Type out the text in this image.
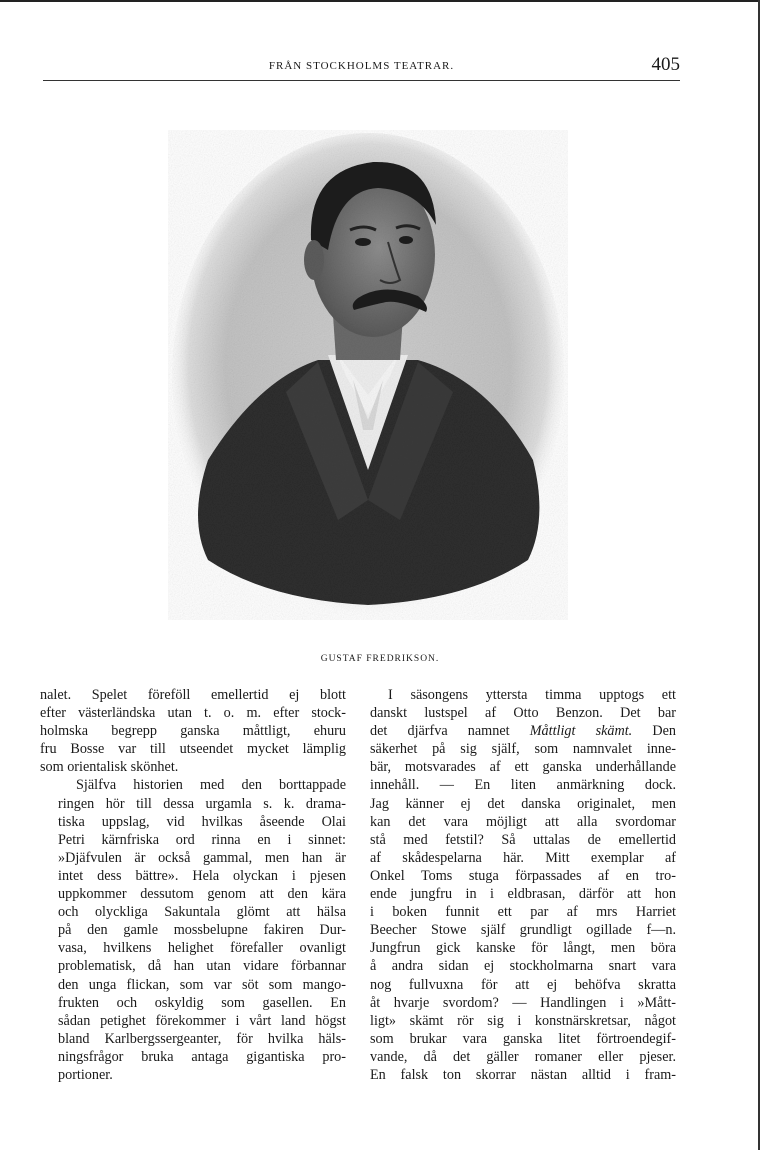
FRÅN STOCKHOLMS TEATRAR.	405
GUSTAF FREDRIKSON.

nalet. Spelet föreföll emellertid ej blott
efter västerländska utan t. o. m. efter stock-
holmska begrepp ganska måttligt, ehuru
fru Bosse var till utseendet mycket lämplig
som orientalisk skönhet.

Själfva historien med den borttappade
ringen hör till dessa urgamla s. k. drama-
tiska uppslag, vid hvilkas åseende Olai
Petri kärnfriska ord rinna en i sinnet:
»Djäfvulen är också gammal, men han är
intet dess bättre». Hela olyckan i pjesen
uppkommer dessutom genom att den kära
och olyckliga Sakuntala glömt att hälsa
på den gamle mossbelupne fakiren Dur-
vasa, hvilkens helighet förefaller ovanligt
problematisk, då han utan vidare förbannar
den unga flickan, som var söt som mango-
frukten och oskyldig som gasellen. En
sådan petighet förekommer i vårt land högst
bland Karlbergssergeanter, för hvilka häls-
ningsfrågor bruka antaga gigantiska pro-
portioner.

I säsongens yttersta timma upptogs ett
danskt lustspel af Otto Benzon. Det bar
det djärfva namnet Måttligt skämt. Den
säkerhet på sig själf, som namnvalet inne-
bär, motsvarades af ett ganska underhållande
innehåll. — En liten anmärkning dock.
Jag känner ej det danska originalet, men
kan det vara möjligt att alla svordomar
stå med fetstil? Så uttalas de emellertid
af skådespelarna här. Mitt exemplar af
Onkel Toms stuga förpassades af en tro-
ende jungfru in i eldbrasan, därför att hon
i boken funnit ett par af mrs Harriet
Beecher Stowe själf grundligt ogillade f—n.
Jungfrun gick kanske för långt, men böra
å andra sidan ej stockholmarna snart vara
nog fullvuxna för att ej behöfva skratta
åt hvarje svordom? — Handlingen i »Mått-
ligt» skämt rör sig i konstnärskretsar, något
som brukar vara ganska litet förtroendegif-
vande, då det gäller romaner eller pjeser.
En falsk ton skorrar nästan alltid i fram-
